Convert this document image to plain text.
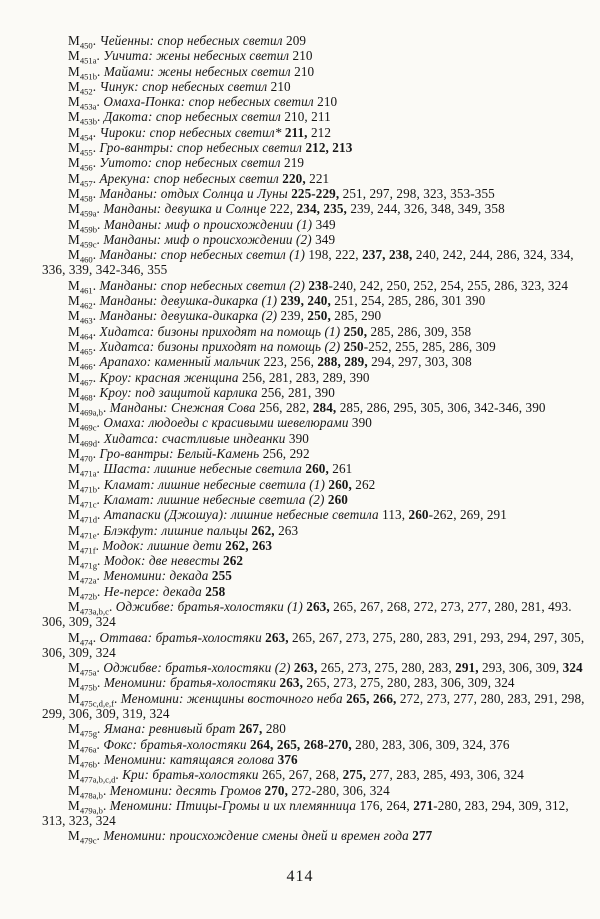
$М_{450}$. Чейенны: спор небесных светил 209

$М_{451a}$. Уичита: жены небесных светил 210

$М_{451b}$. Майами: жены небесных светил 210

$М_{452}$. Чинук: спор небесных светил 210

$М_{453a}$. Омаха-Понка: спор небесных светил 210

$М_{453b}$. Дакота: спор небесных светил 210, 211

$М_{454}$. Чироки: спор небесных светил* 211, 212

$М_{455}$. Гро-вантры: спор небесных светил 212, 213

$М_{456}$. Уитото: спор небесных светил 219

$М_{457}$. Арекуна: спор небесных светил 220, 221

$М_{458}$. Манданы: отдых Солнца и Луны 225-229, 251, 297, 298, 323, 353-355

$М_{459a}$. Манданы: девушка и Солнце 222, 234, 235, 239, 244, 326, 348, 349, 358

$М_{459b}$. Манданы: миф о происхождении (1) 349

$М_{459c}$. Манданы: миф о происхождении (2) 349

$М_{460}$. Манданы: спор небесных светил (1) 198, 222, 237, 238, 240, 242, 244, 286, 324, 334, 336, 339, 342-346, 355

$М_{461}$. Манданы: спор небесных светил (2) 238-240, 242, 250, 252, 254, 255, 286, 323, 324

$М_{462}$. Манданы: девушка-дикарка (1) 239, 240, 251, 254, 285, 286, 301 390

$М_{463}$. Манданы: девушка-дикарка (2) 239, 250, 285, 290

$М_{464}$. Хидатса: бизоны приходят на помощь (1) 250, 285, 286, 309, 358

$М_{465}$. Хидатса: бизоны приходят на помощь (2) 250-252, 255, 285, 286, 309

$М_{466}$. Арапахо: каменный мальчик 223, 256, 288, 289, 294, 297, 303, 308

$М_{467}$. Кроу: красная женщина 256, 281, 283, 289, 390

$М_{468}$. Кроу: под защитой карлика 256, 281, 390

$М_{469a,b}$. Манданы: Снежная Сова 256, 282, 284, 285, 286, 295, 305, 306, 342-346, 390

$М_{469c}$. Омаха: людоеды с красивыми шевелюрами 390

$М_{469d}$. Хидатса: счастливые индеанки 390

$М_{470}$. Гро-вантры: Белый-Камень 256, 292

$М_{471a}$. Шаста: лишние небесные светила 260, 261

$М_{471b}$. Кламат: лишние небесные светила (1) 260, 262

$М_{471c}$. Кламат: лишние небесные светила (2) 260

$М_{471d}$. Атапаски (Джошуа): лишние небесные светила 113, 260-262, 269, 291

$М_{471e}$. Блэкфут: лишние пальцы 262, 263

$М_{471f}$. Модок: лишние дети 262, 263

$М_{471g}$. Модок: две невесты 262

$М_{472a}$. Меномини: декада 255

$М_{472b}$. Не-персе: декада 258

$М_{473a,b,c}$. Оджибве: братья-холостяки (1) 263, 265, 267, 268, 272, 273, 277, 280, 281, 493. 306, 309, 324

$М_{474}$. Оттава: братья-холостяки 263, 265, 267, 273, 275, 280, 283, 291, 293, 294, 297, 305, 306, 309, 324

$М_{475a}$. Оджибве: братья-холостяки (2) 263, 265, 273, 275, 280, 283, 291, 293, 306, 309, 324

$М_{475b}$. Меномини: братья-холостяки 263, 265, 273, 275, 280, 283, 306, 309, 324

$М_{475c,d,e,f}$. Меномини: женщины восточного неба 265, 266, 272, 273, 277, 280, 283, 291, 298, 299, 306, 309, 319, 324

$М_{475g}$. Ямана: ревнивый брат 267, 280

$М_{476a}$. Фокс: братья-холостяки 264, 265, 268-270, 280, 283, 306, 309, 324, 376

$М_{476b}$. Меномини: катящаяся голова 376

$М_{477a,b,c,d}$. Кри: братья-холостяки 265, 267, 268, 275, 277, 283, 285, 493, 306, 324

$М_{478a,b}$. Меномини: десять Громов 270, 272-280, 306, 324

$М_{479a,b}$. Меномини: Птицы-Громы и их племянница 176, 264, 271-280, 283, 294, 309, 312, 313, 323, 324

$М_{479c}$. Меномини: происхождение смены дней и времен года 277

414
